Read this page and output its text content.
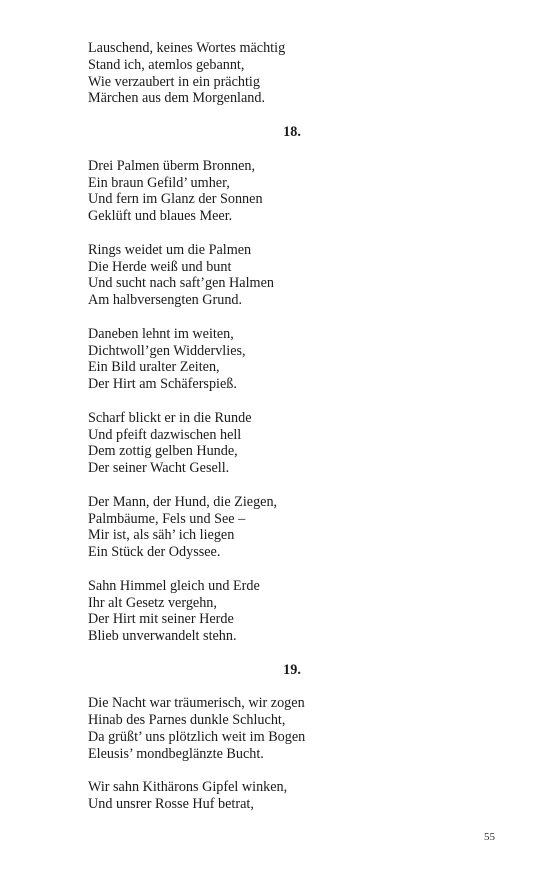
Lauschend, keines Wortes mächtig
Stand ich, atemlos gebannt,
Wie verzaubert in ein prächtig
Märchen aus dem Morgenland.
18.
Drei Palmen überm Bronnen,
Ein braun Gefild’ umher,
Und fern im Glanz der Sonnen
Geklüft und blaues Meer.
Rings weidet um die Palmen
Die Herde weiß und bunt
Und sucht nach saft’gen Halmen
Am halbversengten Grund.
Daneben lehnt im weiten,
Dichtwoll’gen Widdervlies,
Ein Bild uralter Zeiten,
Der Hirt am Schäferspieß.
Scharf blickt er in die Runde
Und pfeift dazwischen hell
Dem zottig gelben Hunde,
Der seiner Wacht Gesell.
Der Mann, der Hund, die Ziegen,
Palmbäume, Fels und See –
Mir ist, als säh’ ich liegen
Ein Stück der Odyssee.
Sahn Himmel gleich und Erde
Ihr alt Gesetz vergehn,
Der Hirt mit seiner Herde
Blieb unverwandelt stehn.
19.
Die Nacht war träumerisch, wir zogen
Hinab des Parnes dunkle Schlucht,
Da grüßt’ uns plötzlich weit im Bogen
Eleusis’ mondbeglänzte Bucht.
Wir sahn Kithärons Gipfel winken,
Und unsrer Rosse Huf betrat,
55
